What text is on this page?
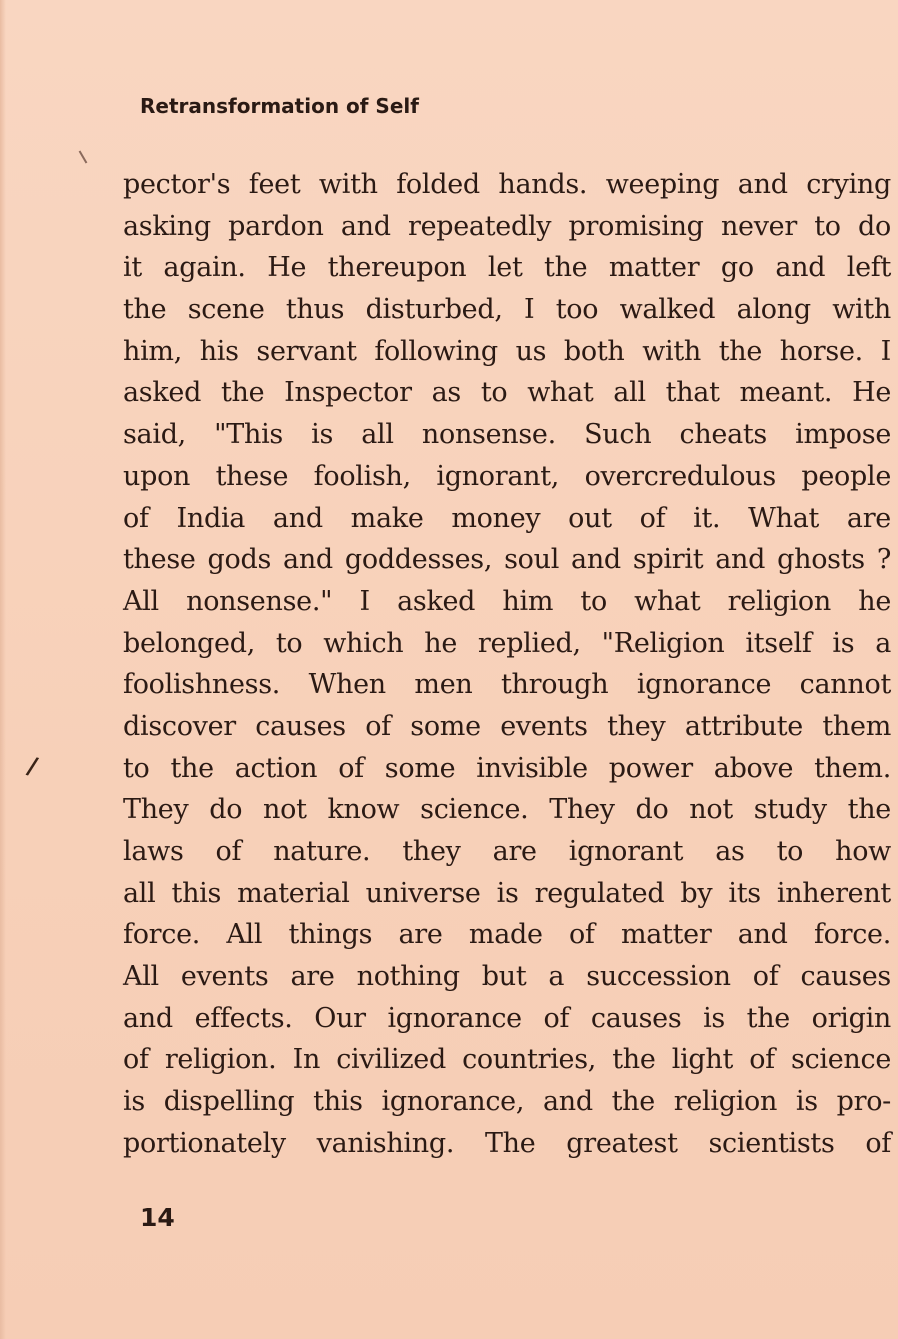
Retransformation of Self
/
pector's feet with folded hands. weeping and crying
asking pardon and repeatedly promising never to do
it again. He thereupon let the matter go and left
the scene thus disturbed, I too walked along with
him, his servant following us both with the horse. I
asked the Inspector as to what all that meant. He
said, "This is all nonsense. Such cheats impose
upon these foolish, ignorant, overcredulous people
of India and make money out of it. What are
these gods and goddesses, soul and spirit and ghosts ?
All nonsense." I asked him to what religion he
belonged, to which he replied, "Religion itself is a
foolishness. When men through ignorance cannot
discover causes of some events they attribute them
to the action of some invisible power above them.
They do not know science. They do not study the
laws of nature. they are ignorant as to how
all this material universe is regulated by its inherent
force. All things are made of matter and force.
All events are nothing but a succession of causes
and effects. Our ignorance of causes is the origin
of religion. In civilized countries, the light of science
is dispelling this ignorance, and the religion is pro-
portionately vanishing. The greatest scientists of
14
